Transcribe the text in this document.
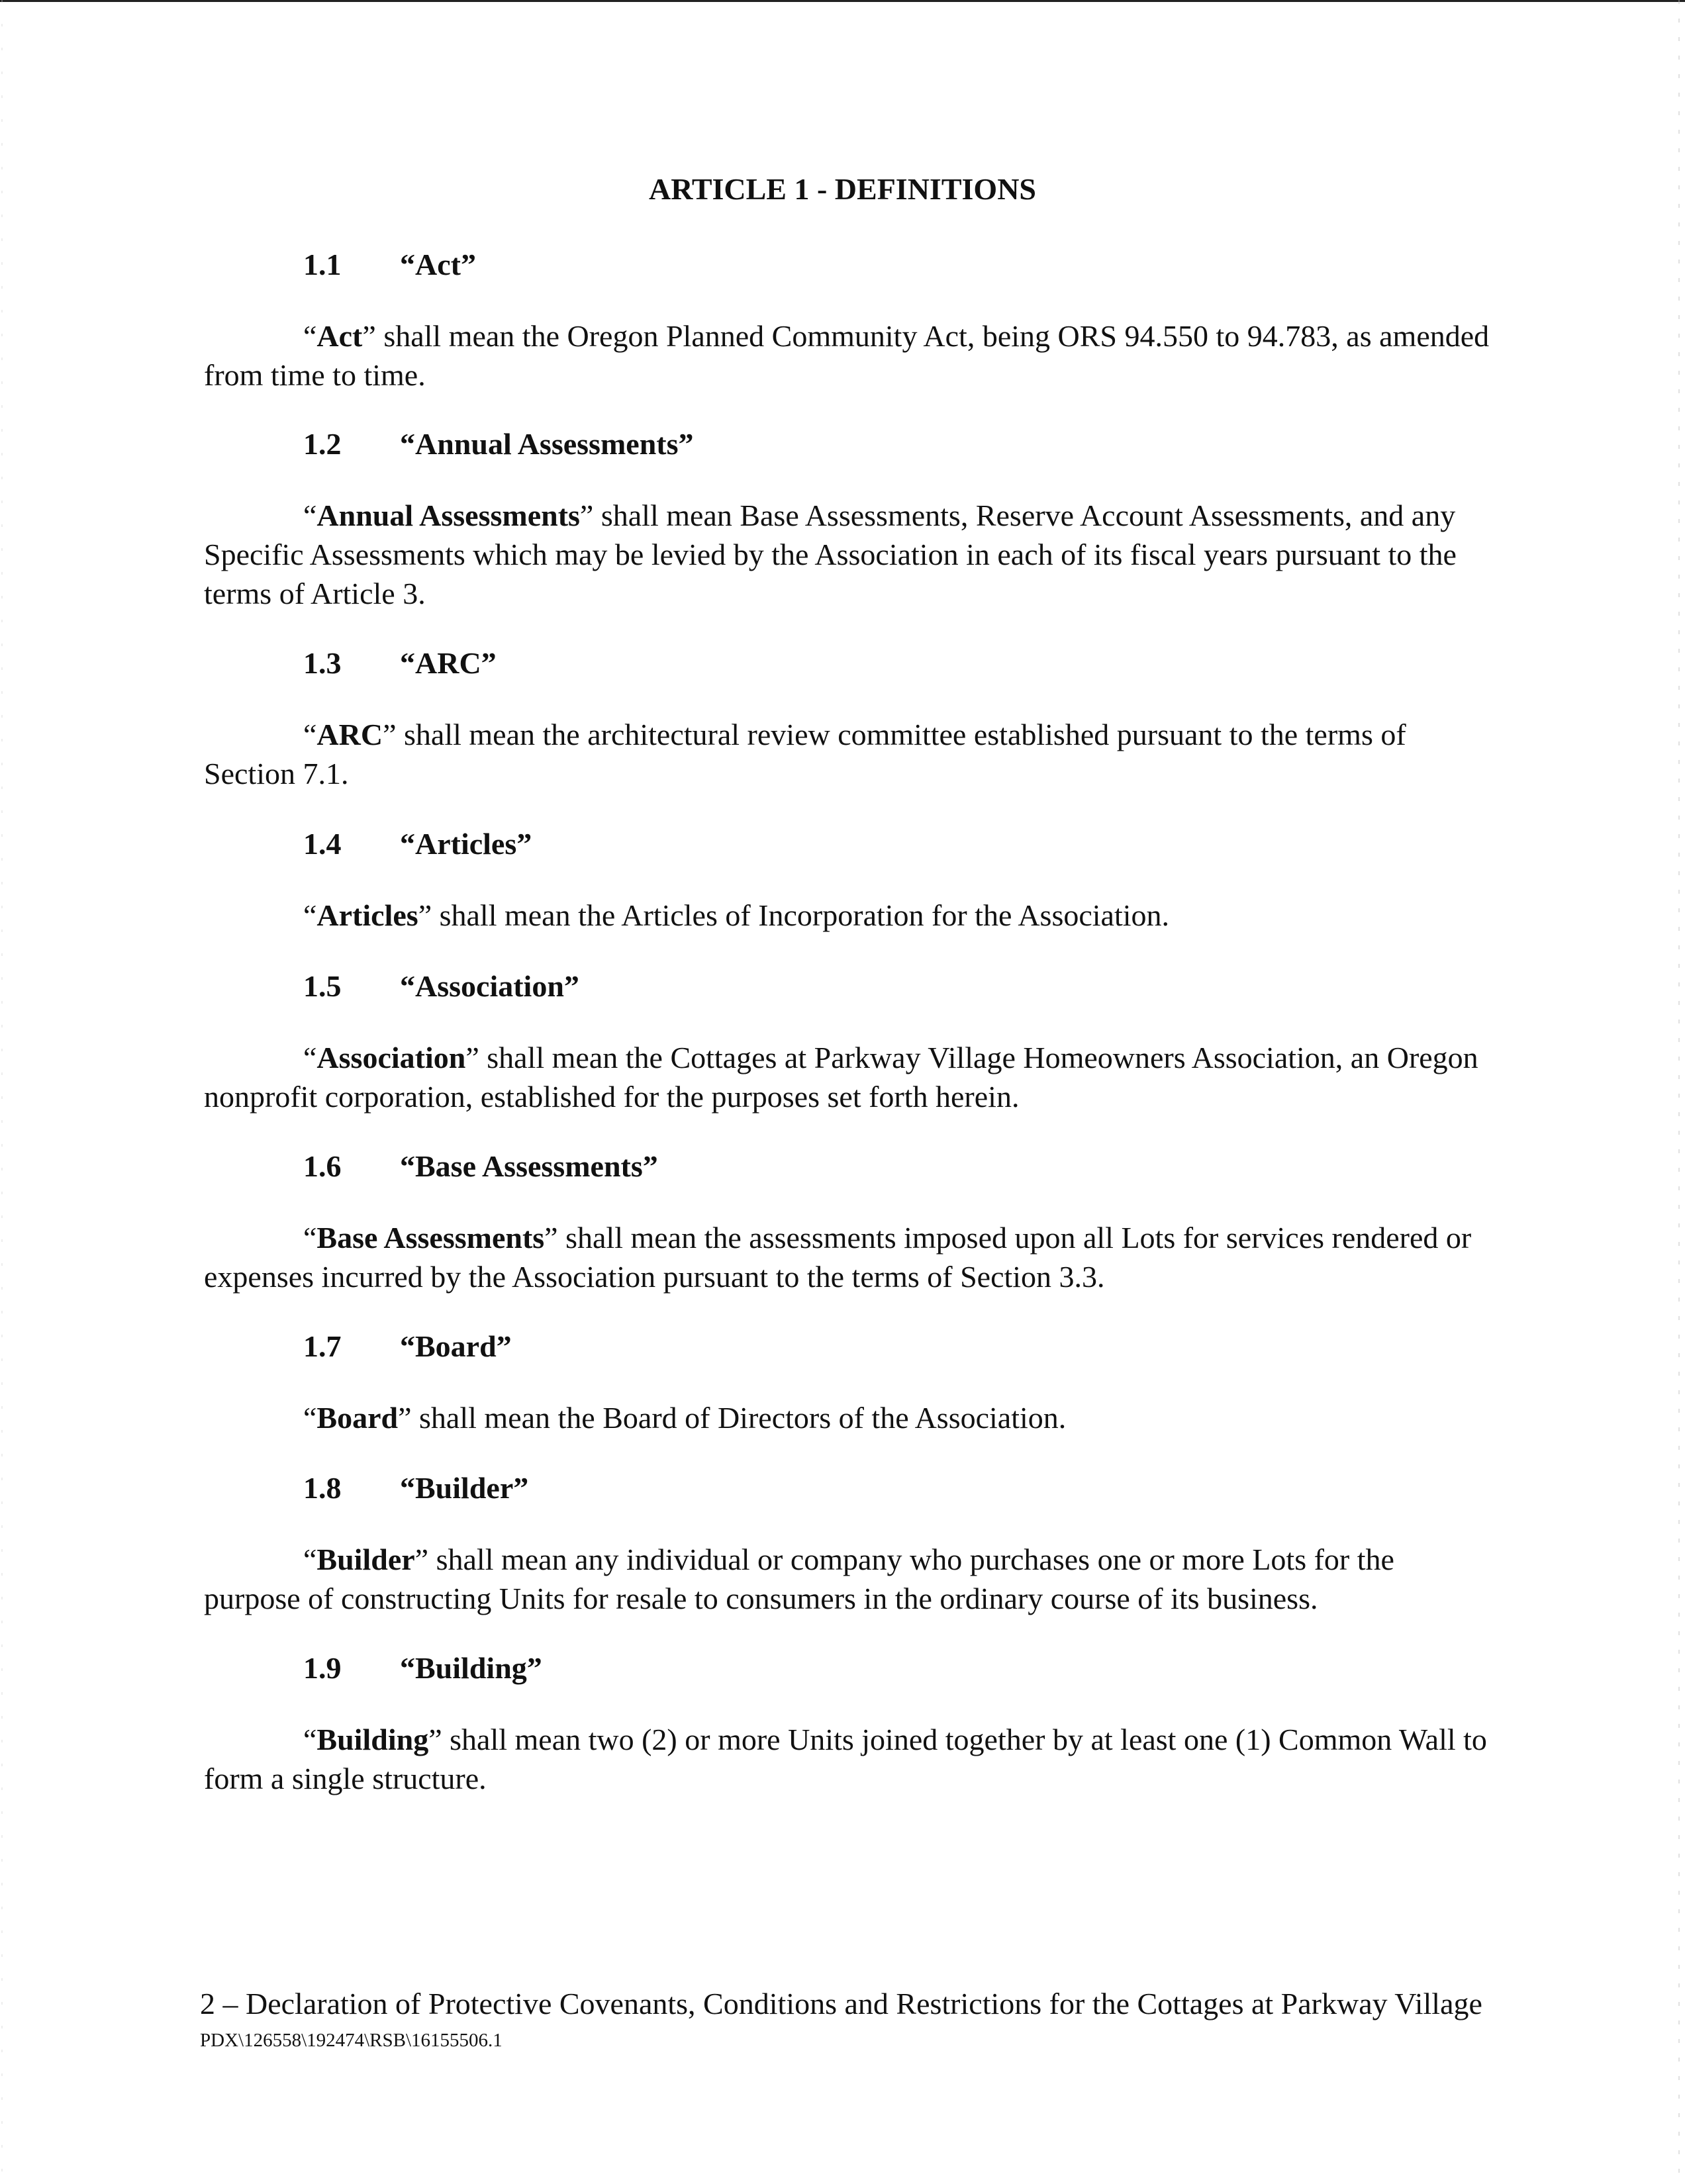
ARTICLE 1 - DEFINITIONS
1.1 “Act”

“Act” shall mean the Oregon Planned Community Act, being ORS 94.550 to 94.783, as amended from time to time.

1.2 “Annual Assessments”

“Annual Assessments” shall mean Base Assessments, Reserve Account Assessments, and any Specific Assessments which may be levied by the Association in each of its fiscal years pursuant to the terms of Article 3.

1.3 “ARC”

“ARC” shall mean the architectural review committee established pursuant to the terms of Section 7.1.

1.4 “Articles”

“Articles” shall mean the Articles of Incorporation for the Association.

1.5 “Association”

“Association” shall mean the Cottages at Parkway Village Homeowners Association, an Oregon nonprofit corporation, established for the purposes set forth herein.

1.6 “Base Assessments”

“Base Assessments” shall mean the assessments imposed upon all Lots for services rendered or expenses incurred by the Association pursuant to the terms of Section 3.3.

1.7 “Board”

“Board” shall mean the Board of Directors of the Association.

1.8 “Builder”

“Builder” shall mean any individual or company who purchases one or more Lots for the purpose of constructing Units for resale to consumers in the ordinary course of its business.

1.9 “Building”

“Building” shall mean two (2) or more Units joined together by at least one (1) Common Wall to form a single structure.

2 – Declaration of Protective Covenants, Conditions and Restrictions for the Cottages at Parkway Village

PDX\126558\192474\RSB\16155506.1
